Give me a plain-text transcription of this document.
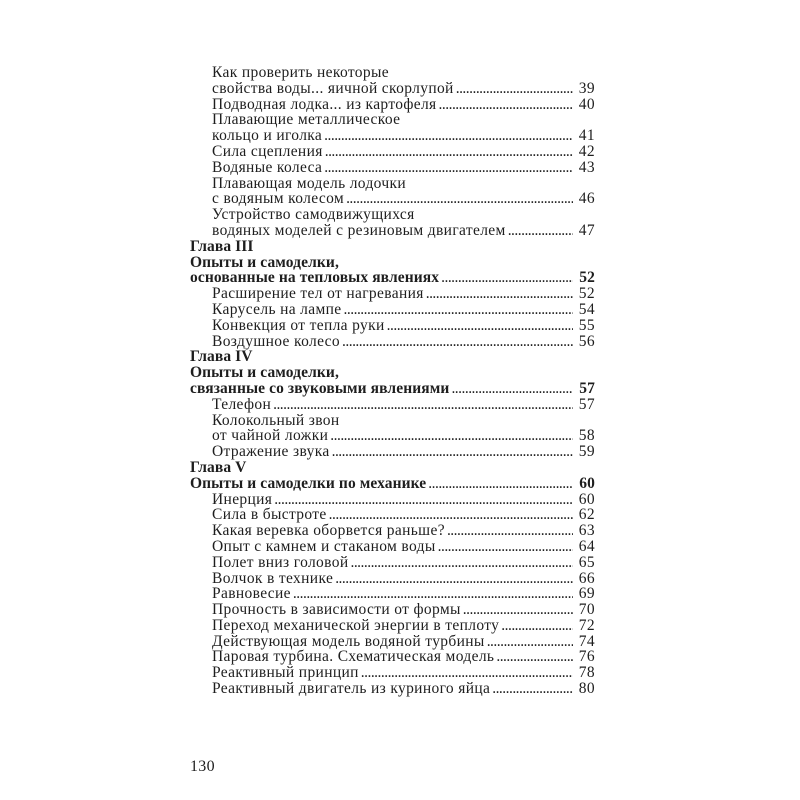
Как проверить некоторые
свойства воды... яичной скорлупой . . .	39
Подводная лодка... из картофеля . . .	40
Плавающие металлическое
кольцо и иголка . . .	41
Сила сцепления . . .	42
Водяные колеса . . .	43
Плавающая модель лодочки
с водяным колесом . . .	46
Устройство самодвижущихся
водяных моделей с резиновым двигателем . . .	47
Глава III
Опыты и самоделки,
основанные на тепловых явлениях . . .	52
Расширение тел от нагревания . . .	52
Карусель на лампе . . .	54
Конвекция от тепла руки . . .	55
Воздушное колесо . . .	56
Глава IV
Опыты и самоделки,
связанные со звуковыми явлениями . . .	57
Телефон . . .	57
Колокольный звон
от чайной ложки . . .	58
Отражение звука . . .	59
Глава V
Опыты и самоделки по механике . . .	60
Инерция . . .	60
Сила в быстроте . . .	62
Какая веревка оборвется раньше? . . .	63
Опыт с камнем и стаканом воды . . .	64
Полет вниз головой . . .	65
Волчок в технике . . .	66
Равновесие . . .	69
Прочность в зависимости от формы . . .	70
Переход механической энергии в теплоту . . .	72
Действующая модель водяной турбины . . .	74
Паровая турбина. Схематическая модель . . .	76
Реактивный принцип . . .	78
Реактивный двигатель из куриного яйца . . .	80
130
